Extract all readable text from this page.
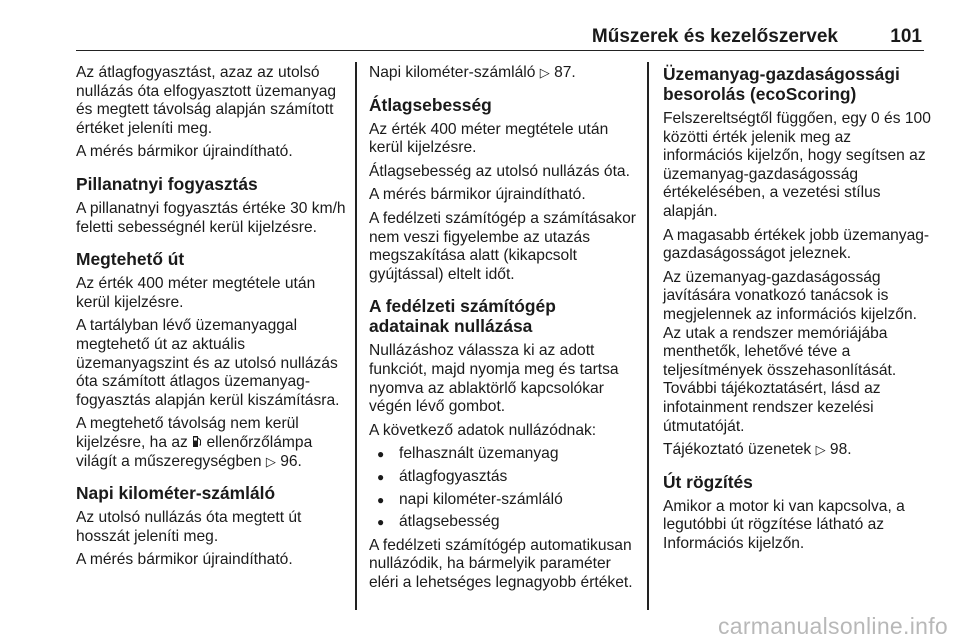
Műszerek és kezelőszervek	101

Az átlagfogyasztást, azaz az utolsó nullázás óta elfogyasztott üzemanyag és megtett távolság alapján számított értéket jeleníti meg.

A mérés bármikor újraindítható.

Pillanatnyi fogyasztás

A pillanatnyi fogyasztás értéke 30 km/h feletti sebességnél kerül kijelzésre.

Megtehető út

Az érték 400 méter megtétele után kerül kijelzésre.

A tartályban lévő üzemanyaggal megtehető út az aktuális üzemanyagszint és az utolsó nullázás óta számított átlagos üzemanyag-fogyasztás alapján kerül kiszámításra.

A megtehető távolság nem kerül kijelzésre, ha az ellenőrzőlámpa világít a műszeregységben ▷ 96.

Napi kilométer-számláló

Az utolsó nullázás óta megtett út hosszát jeleníti meg.

A mérés bármikor újraindítható.

Napi kilométer-számláló ▷ 87.

Átlagsebesség

Az érték 400 méter megtétele után kerül kijelzésre.

Átlagsebesség az utolsó nullázás óta.

A mérés bármikor újraindítható.

A fedélzeti számítógép a számításakor nem veszi figyelembe az utazás megszakítása alatt (kikapcsolt gyújtással) eltelt időt.

A fedélzeti számítógép adatainak nullázása

Nullázáshoz válassza ki az adott funkciót, majd nyomja meg és tartsa nyomva az ablaktörlő kapcsolókar végén lévő gombot.

A következő adatok nullázódnak:

● felhasznált üzemanyag
● átlagfogyasztás
● napi kilométer-számláló
● átlagsebesség

A fedélzeti számítógép automatikusan nullázódik, ha bármelyik paraméter eléri a lehetséges legnagyobb értéket.

Üzemanyag-gazdaságossági besorolás (ecoScoring)

Felszereltségtől függően, egy 0 és 100 közötti érték jelenik meg az információs kijelzőn, hogy segítsen az üzemanyag-gazdaságosság értékelésében, a vezetési stílus alapján.

A magasabb értékek jobb üzemanyag-gazdaságosságot jeleznek.

Az üzemanyag-gazdaságosság javítására vonatkozó tanácsok is megjelennek az információs kijelzőn. Az utak a rendszer memóriájába menthetők, lehetővé téve a teljesítmények összehasonlítását. További tájékoztatásért, lásd az infotainment rendszer kezelési útmutatóját.

Tájékoztató üzenetek ▷ 98.

Út rögzítés

Amikor a motor ki van kapcsolva, a legutóbbi út rögzítése látható az Információs kijelzőn.

carmanualsonline.info
